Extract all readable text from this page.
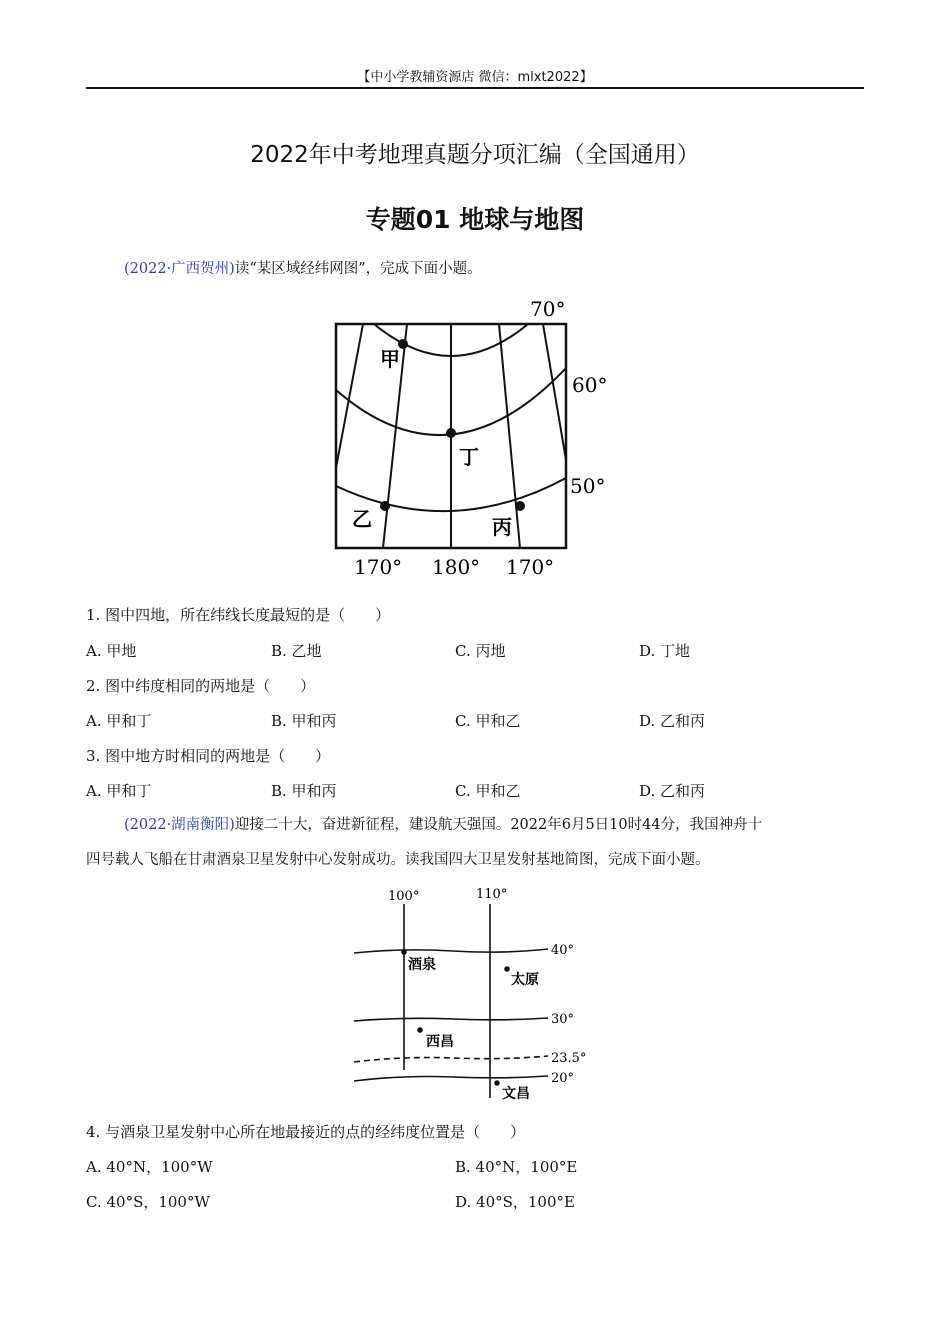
【中小学教辅资源店 微信：mlxt2022】
2022年中考地理真题分项汇编（全国通用）
专题01 地球与地图
(2022·广西贺州)读“某区域经纬网图”，完成下面小题。
甲
丁
乙	丙
70°
60°
50°
170° 180° 170°
1. 图中四地，所在纬线长度最短的是（　　）
A. 甲地	B. 乙地	C. 丙地	D. 丁地
2. 图中纬度相同的两地是（　　）
A. 甲和丁	B. 甲和丙	C. 甲和乙	D. 乙和丙
3. 图中地方时相同的两地是（　　）
A. 甲和丁	B. 甲和丙	C. 甲和乙	D. 乙和丙
(2022·湖南衡阳)迎接二十大，奋进新征程，建设航天强国。2022年6月5日10时44分，我国神舟十
四号载人飞船在甘肃酒泉卫星发射中心发射成功。读我国四大卫星发射基地简图，完成下面小题。
酒泉
太原
西昌
文昌
100°	110°
40°
30°
23.5°
20°
4. 与酒泉卫星发射中心所在地最接近的点的经纬度位置是（　　）
A. 40°N，100°W	B. 40°N，100°E
C. 40°S，100°W	D. 40°S，100°E
